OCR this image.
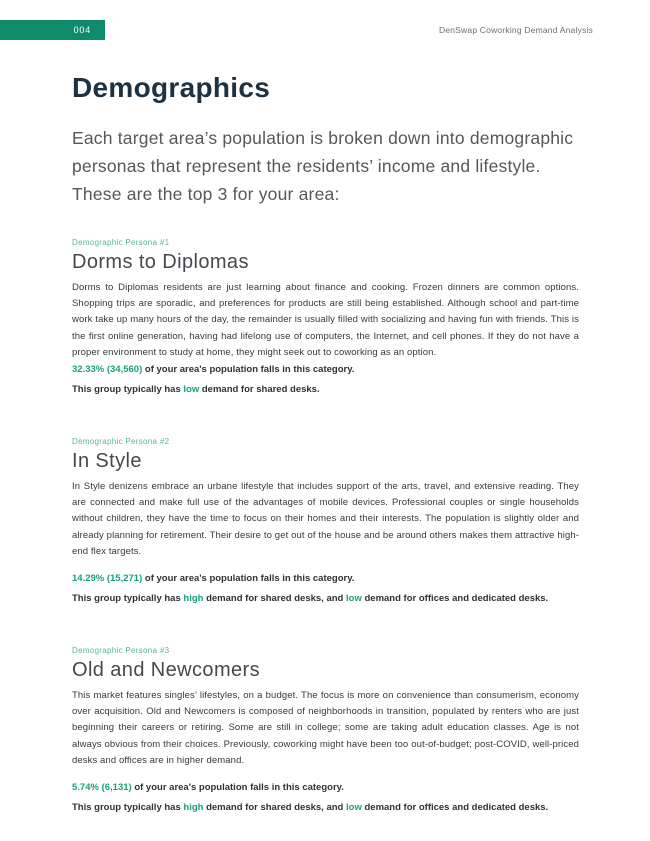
004	DenSwap Coworking Demand Analysis
Demographics

Each target area’s population is broken down into demographic personas that represent the residents’ income and lifestyle. These are the top 3 for your area:

Demographic Persona #1
Dorms to Diplomas

Dorms to Diplomas residents are just learning about finance and cooking. Frozen dinners are common options. Shopping trips are sporadic, and preferences for products are still being established. Although school and part-time work take up many hours of the day, the remainder is usually filled with socializing and having fun with friends. This is the first online generation, having had lifelong use of computers, the Internet, and cell phones. If they do not have a proper environment to study at home, they might seek out to coworking as an option.

32.33% (34,560) of your area's population falls in this category.

This group typically has low demand for shared desks.

Demographic Persona #2
In Style

In Style denizens embrace an urbane lifestyle that includes support of the arts, travel, and extensive reading. They are connected and make full use of the advantages of mobile devices. Professional couples or single households without children, they have the time to focus on their homes and their interests. The population is slightly older and already planning for retirement. Their desire to get out of the house and be around others makes them attractive high-end flex targets.

14.29% (15,271) of your area's population falls in this category.

This group typically has high demand for shared desks, and low demand for offices and dedicated desks.

Demographic Persona #3
Old and Newcomers

This market features singles’ lifestyles, on a budget. The focus is more on convenience than consumerism, economy over acquisition. Old and Newcomers is composed of neighborhoods in transition, populated by renters who are just beginning their careers or retiring. Some are still in college; some are taking adult education classes. Age is not always obvious from their choices. Previously, coworking might have been too out-of-budget; post-COVID, well-priced desks and offices are in higher demand.

5.74% (6,131) of your area's population falls in this category.

This group typically has high demand for shared desks, and low demand for offices and dedicated desks.
